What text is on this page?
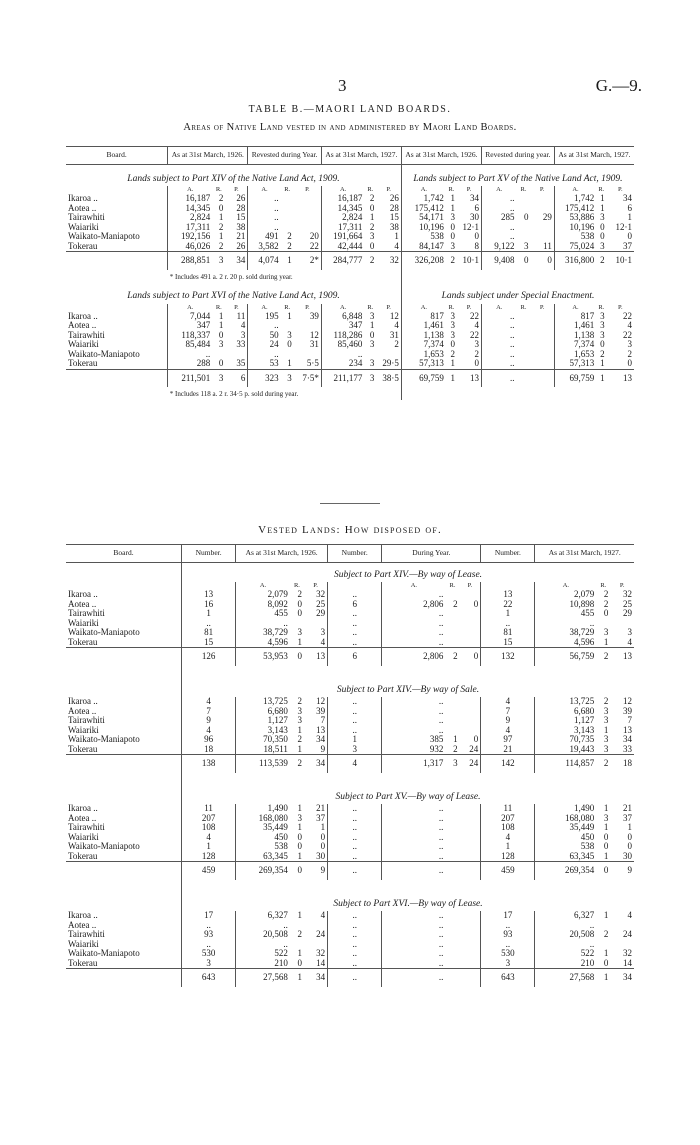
3	G.—9.
TABLE B.—MAORI LAND BOARDS.
Areas of Native Land vested in and administered by Maori Land Boards.
Board.	As at 31st March, 1926.			Revested during Year.			As at 31st March, 1927.			As at 31st March, 1926.			Revested during year.			As at 31st March, 1927.		
Lands subject to Part XIV of the Native Land Act, 1909.										Lands subject to Part XV of the Native Land Act, 1909.								
	A.	R.	P.	A.	R.	P.	A.	R.	P.	A.	R.	P.	A.	R.	P.	A.	R.	P.
Ikaroa ..	16,187	2	26	..			16,187	2	26	1,742	1	34	..			1,742	1	34
Aotea ..	14,345	0	28	..			14,345	0	28	175,412	1	6	..			175,412	1	6
Tairawhiti	2,824	1	15	..			2,824	1	15	54,171	3	30	285	0	29	53,886	3	1
Waiariki	17,311	2	38	..			17,311	2	38	10,196	0	12·1	..			10,196	0	12·1
Waikato-Maniapoto	192,156	1	21	491	2	20	191,664	3	1	538	0	0	..			538	0	0
Tokerau	46,026	2	26	3,582	2	22	42,444	0	4	84,147	3	8	9,122	3	11	75,024	3	37
	288,851	3	34	4,074	1	2*	284,777	2	32	326,208	2	10·1	9,408	0	0	316,800	2	10·1
	* Includes 491 a. 2 r. 20 p. sold during year.																	
Lands subject to Part XVI of the Native Land Act, 1909.										Lands subject under Special Enactment.								
	A.	R.	P.	A.	R.	P.	A.	R.	P.	A.	R.	P.	A.	R.	P.	A.	R.	P.
Ikaroa ..	7,044	1	11	195	1	39	6,848	3	12	817	3	22	..			817	3	22
Aotea ..	347	1	4	..			347	1	4	1,461	3	4	..			1,461	3	4
Tairawhiti	118,337	0	3	50	3	12	118,286	0	31	1,138	3	22	..			1,138	3	22
Waiariki	85,484	3	33	24	0	31	85,460	3	2	7,374	0	3	..			7,374	0	3
Waikato-Maniapoto	..			..			..			1,653	2	2	..			1,653	2	2
Tokerau	288	0	35	53	1	5·5	234	3	29·5	57,313	1	0	..			57,313	1	0
	211,501	3	6	323	3	7·5*	211,177	3	38·5	69,759	1	13	..			69,759	1	13
	* Includes 118 a. 2 r. 34·5 p. sold during year.																	
Vested Lands: How disposed of.
Board.	Number.	As at 31st March, 1926.			Number.	During Year.			Number.	As at 31st March, 1927.		
	Subject to Part XIV.—By way of Lease.											
		A.	R.	P.		A.	R.	P.		A.	R.	P.
Ikaroa ..	13	2,079	2	32	..	..			13	2,079	2	32
Aotea ..	16	8,092	0	25	6	2,806	2	0	22	10,898	2	25
Tairawhiti	1	455	0	29	..	..			1	455	0	29
Waiariki	..	..			..	..			..	..		
Waikato-Maniapoto	81	38,729	3	3	..	..			81	38,729	3	3
Tokerau	15	4,596	1	4	..	..			15	4,596	1	4
	126	53,953	0	13	6	2,806	2	0	132	56,759	2	13
	Subject to Part XIV.—By way of Sale.											

Ikaroa ..	4	13,725	2	12	..	..			4	13,725	2	12
Aotea ..	7	6,680	3	39	..	..			7	6,680	3	39
Tairawhiti	9	1,127	3	7	..	..			9	1,127	3	7
Waiariki	4	3,143	1	13	..	..			4	3,143	1	13
Waikato-Maniapoto	96	70,350	2	34	1	385	1	0	97	70,735	3	34
Tokerau	18	18,511	1	9	3	932	2	24	21	19,443	3	33
	138	113,539	2	34	4	1,317	3	24	142	114,857	2	18
	Subject to Part XV.—By way of Lease.											

Ikaroa ..	11	1,490	1	21	..	..			11	1,490	1	21
Aotea ..	207	168,080	3	37	..	..			207	168,080	3	37
Tairawhiti	108	35,449	1	1	..	..			108	35,449	1	1
Waiariki	4	450	0	0	..	..			4	450	0	0
Waikato-Maniapoto	1	538	0	0	..	..			1	538	0	0
Tokerau	128	63,345	1	30	..	..			128	63,345	1	30
	459	269,354	0	9	..	..			459	269,354	0	9
	Subject to Part XVI.—By way of Lease.											

Ikaroa ..	17	6,327	1	4	..	..			17	6,327	1	4
Aotea ..	..	..			..	..			..	..		
Tairawhiti	93	20,508	2	24	..	..			93	20,508	2	24
Waiariki	..	..			..	..			..	..		
Waikato-Maniapoto	530	522	1	32	..	..			530	522	1	32
Tokerau	3	210	0	14	..	..			3	210	0	14
	643	27,568	1	34	..	..			643	27,568	1	34
